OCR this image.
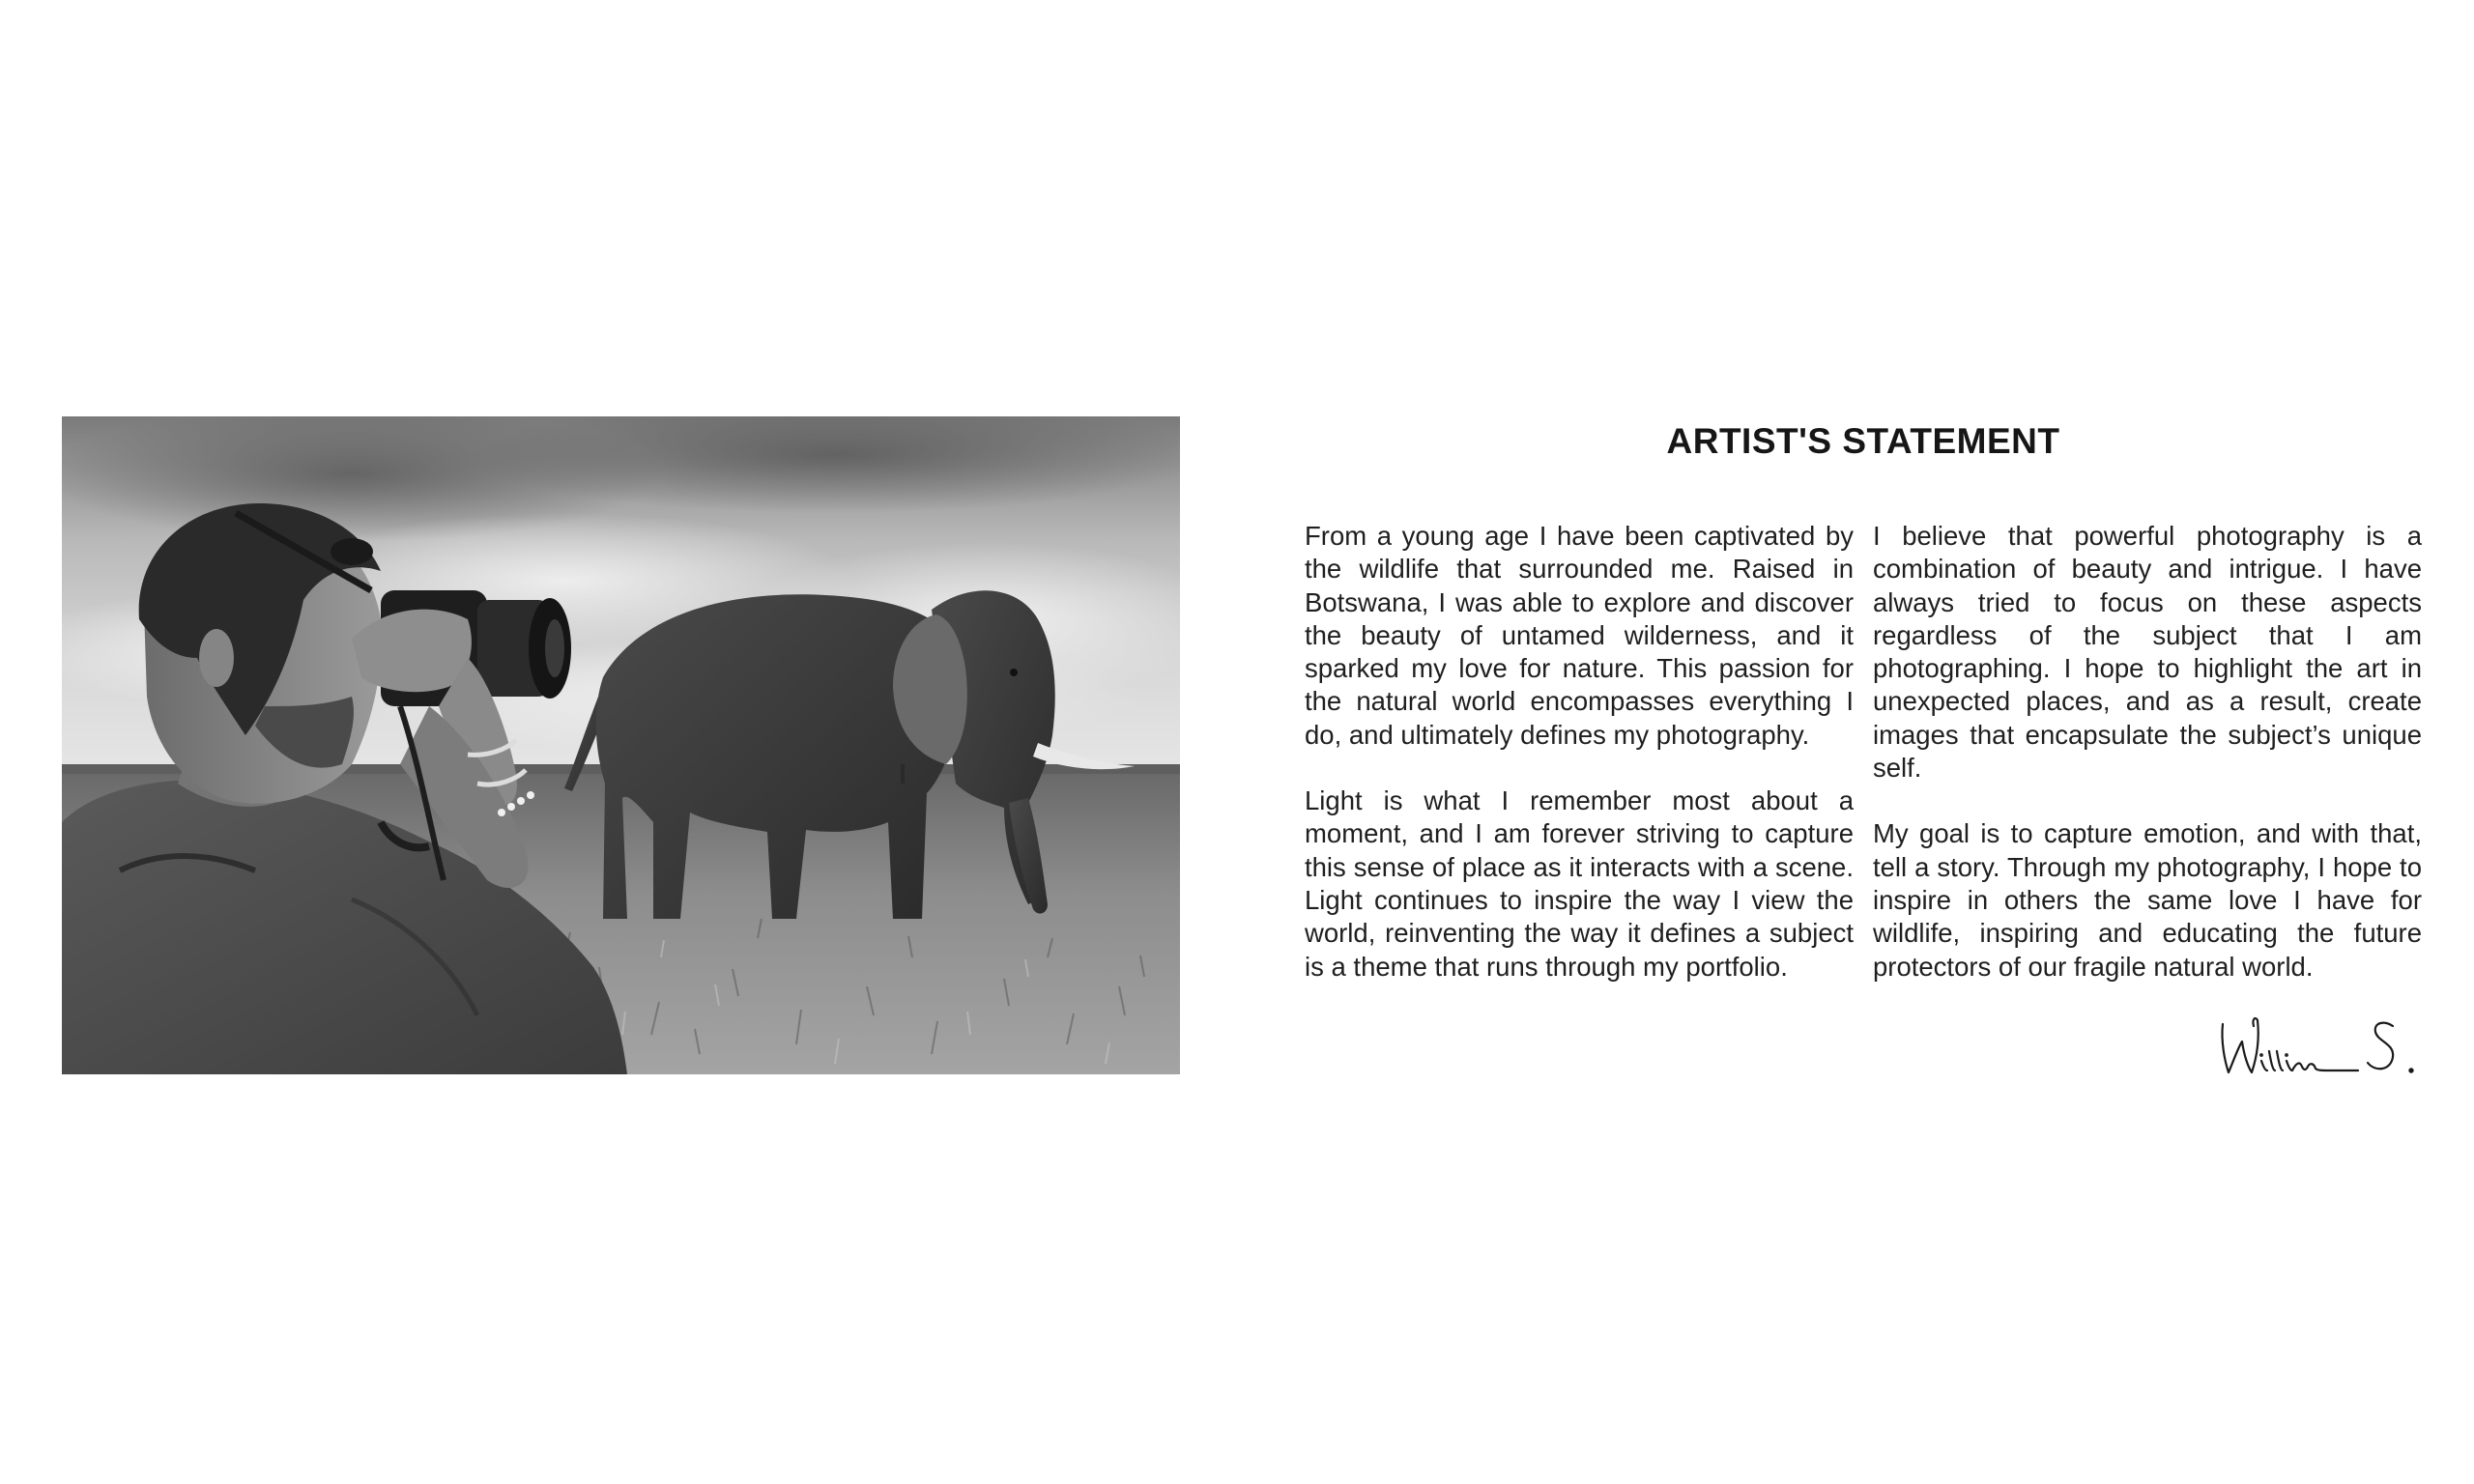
ARTIST'S STATEMENT

From a young age I have been captivated by the wildlife that surrounded me. Raised in Botswana, I was able to explore and discover the beauty of untamed wilderness, and it sparked my love for nature. This passion for the natural world encompasses everything I do, and ultimately defines my photography.

Light is what I remember most about a moment, and I am forever striving to capture this sense of place as it interacts with a scene. Light continues to inspire the way I view the world, reinventing the way it defines a subject is a theme that runs through my portfolio.

I believe that powerful photography is a combination of beauty and intrigue. I have always tried to focus on these aspects regardless of the subject that I am photographing. I hope to highlight the art in unexpected places, and as a result, create images that encapsulate the subject’s unique self.

My goal is to capture emotion, and with that, tell a story. Through my photography, I hope to inspire in others the same love I have for wildlife, inspiring and educating the future protectors of our fragile natural world.
